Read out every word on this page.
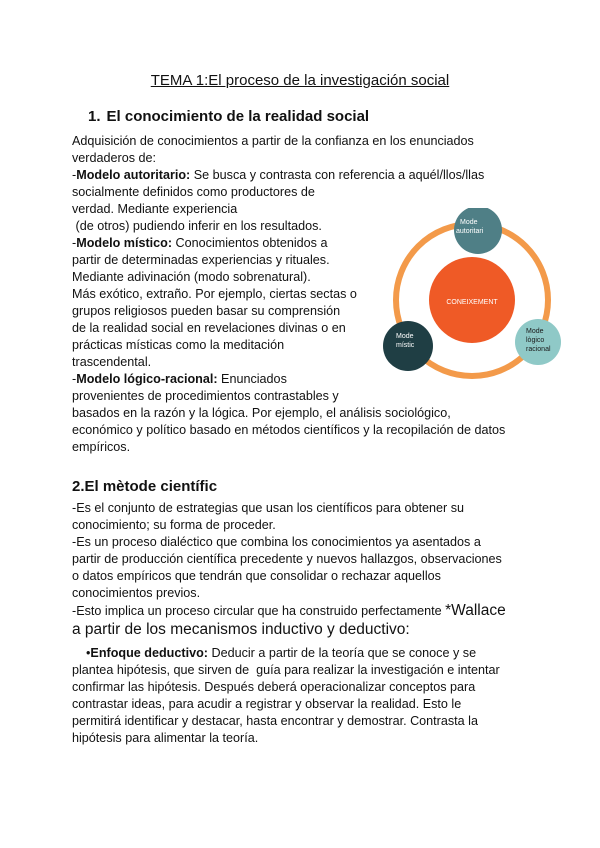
TEMA 1:El proceso de la investigación social
1. El conocimiento de la realidad social
Adquisición de conocimientos a partir de la confianza en los enunciados
verdaderos de:
-Modelo autoritario: Se busca y contrasta con referencia a aquél/llos/llas
socialmente definidos como productores de
verdad. Mediante experiencia
(de otros) pudiendo inferir en los resultados.
-Modelo místico: Conocimientos obtenidos a
partir de determinadas experiencias y rituales.
Mediante adivinación (modo sobrenatural).
Más exótico, extraño. Por ejemplo, ciertas sectas o
grupos religiosos pueden basar su comprensión
de la realidad social en revelaciones divinas o en
prácticas místicas como la meditación
trascendental.
-Modelo lógico-racional: Enunciados
provenientes de procedimientos contrastables y
basados en la razón y la lógica. Por ejemplo, el análisis sociológico,
económico y político basado en métodos científicos y la recopilación de datos
empíricos.
CONEIXEMENT
Mode
autoritari
Mode
místic
Mode
lògico
racional
2.El mètode científic
-Es el conjunto de estrategias que usan los científicos para obtener su
conocimiento; su forma de proceder.
-Es un proceso dialéctico que combina los conocimientos ya asentados a
partir de producción científica precedente y nuevos hallazgos, observaciones
o datos empíricos que tendrán que consolidar o rechazar aquellos
conocimientos previos.
-Esto implica un proceso circular que ha construido perfectamente *Wallace
a partir de los mecanismos inductivo y deductivo:
•Enfoque deductivo: Deducir a partir de la teoría que se conoce y se
plantea hipótesis, que sirven de  guía para realizar la investigación e intentar
confirmar las hipótesis. Después deberá operacionalizar conceptos para
contrastar ideas, para acudir a registrar y observar la realidad. Esto le
permitirá identificar y destacar, hasta encontrar y demostrar. Contrasta la
hipótesis para alimentar la teoría.
